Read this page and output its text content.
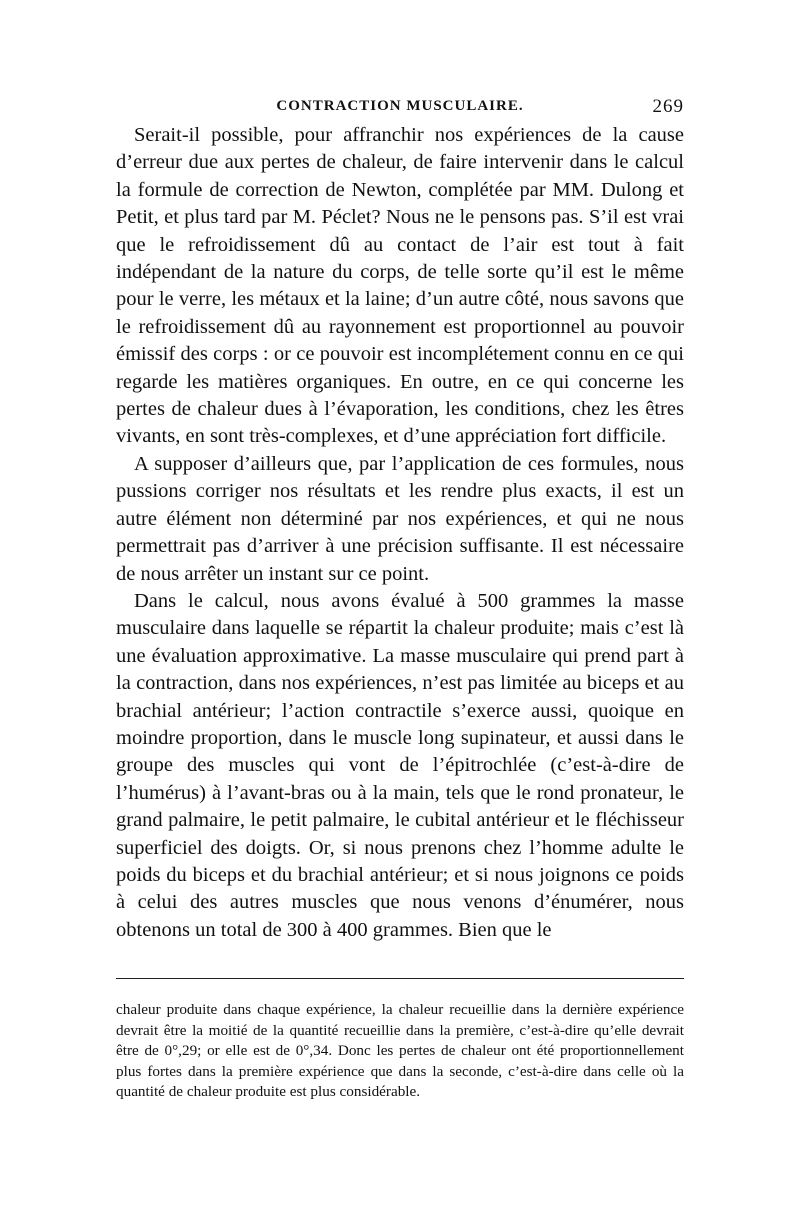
CONTRACTION MUSCULAIRE.	269

Serait-il possible, pour affranchir nos expériences de la cause d’erreur due aux pertes de chaleur, de faire intervenir dans le calcul la formule de correction de Newton, complétée par MM. Dulong et Petit, et plus tard par M. Péclet? Nous ne le pensons pas. S’il est vrai que le refroidissement dû au contact de l’air est tout à fait indépendant de la nature du corps, de telle sorte qu’il est le même pour le verre, les métaux et la laine; d’un autre côté, nous savons que le refroidissement dû au rayonnement est proportionnel au pouvoir émissif des corps : or ce pouvoir est incomplétement connu en ce qui regarde les matières organiques. En outre, en ce qui concerne les pertes de chaleur dues à l’évaporation, les conditions, chez les êtres vivants, en sont très-complexes, et d’une appréciation fort difficile.

A supposer d’ailleurs que, par l’application de ces formules, nous pussions corriger nos résultats et les rendre plus exacts, il est un autre élément non déterminé par nos expériences, et qui ne nous permettrait pas d’arriver à une précision suffisante. Il est nécessaire de nous arrêter un instant sur ce point.

Dans le calcul, nous avons évalué à 500 grammes la masse musculaire dans laquelle se répartit la chaleur produite; mais c’est là une évaluation approximative. La masse musculaire qui prend part à la contraction, dans nos expériences, n’est pas limitée au biceps et au brachial antérieur; l’action contractile s’exerce aussi, quoique en moindre proportion, dans le muscle long supinateur, et aussi dans le groupe des muscles qui vont de l’épitrochlée (c’est-à-dire de l’humérus) à l’avant-bras ou à la main, tels que le rond pronateur, le grand palmaire, le petit palmaire, le cubital antérieur et le fléchisseur superficiel des doigts. Or, si nous prenons chez l’homme adulte le poids du biceps et du brachial antérieur; et si nous joignons ce poids à celui des autres muscles que nous venons d’énumérer, nous obtenons un total de 300 à 400 grammes. Bien que le

chaleur produite dans chaque expérience, la chaleur recueillie dans la dernière expérience devrait être la moitié de la quantité recueillie dans la première, c’est-à-dire qu’elle devrait être de 0°,29; or elle est de 0°,34. Donc les pertes de chaleur ont été proportionnellement plus fortes dans la première expérience que dans la seconde, c’est-à-dire dans celle où la quantité de chaleur produite est plus considérable.
